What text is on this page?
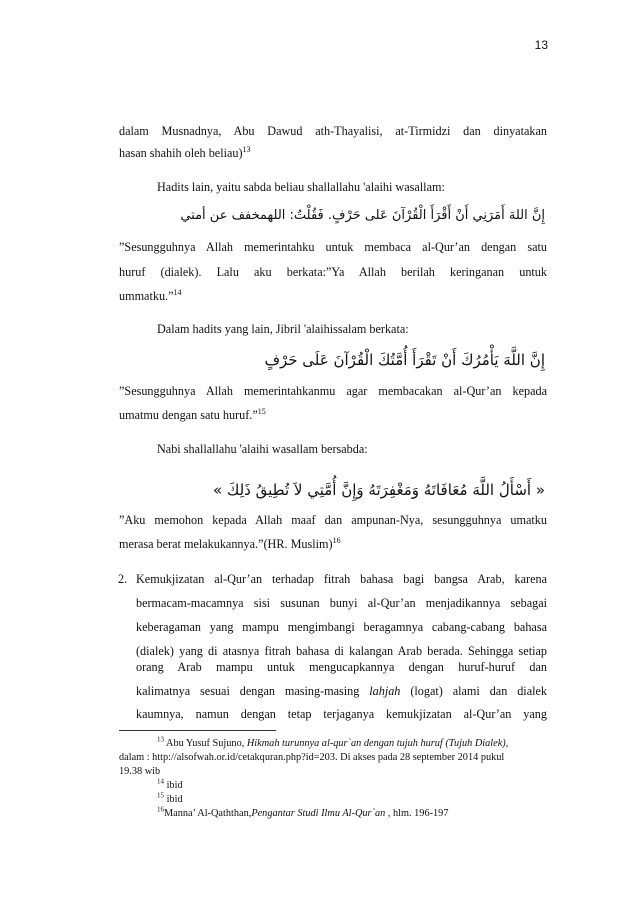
13
dalam Musnadnya, Abu Dawud ath-Thayalisi, at-Tirmidzi dan dinyatakan
hasan shahih oleh beliau)$^{13}$
Hadits lain, yaitu sabda beliau shallallahu 'alaihi wasallam:
إِنَّ اللهَ أَمَرَنِي أَنْ أَقْرَأَ الْقُرْآنَ عَلى حَرْفٍ. فَقُلْتُ: اللهمخفف عن أمتي
”Sesungguhnya Allah memerintahku untuk membaca al-Qur’an dengan satu
huruf (dialek). Lalu aku berkata:”Ya Allah berilah keringanan untuk
ummatku.”$^{14}$
Dalam hadits yang lain, Jibril 'alaihissalam berkata:
إِنَّ اللَّهَ يَأْمُرُكَ أَنْ تَقْرَأَ أُمَّتُكَ الْقُرْآنَ عَلَى حَرْفٍ
”Sesungguhnya Allah memerintahkanmu agar membacakan al-Qur’an kepada
umatmu dengan satu huruf.”$^{15}$
Nabi shallallahu 'alaihi wasallam bersabda:
« أَسْأَلُ اللَّهَ مُعَافَاتَهُ وَمَغْفِرَتَهُ وَإِنَّ أُمَّتِي لاَ تُطِيقُ ذَلِكَ »
”Aku memohon kepada Allah maaf dan ampunan-Nya, sesungguhnya umatku
merasa berat melakukannya.”(HR. Muslim)$^{16}$
2. Kemukjizatan al-Qur’an terhadap fitrah bahasa bagi bangsa Arab, karena
bermacam-macamnya sisi susunan bunyi al-Qur’an menjadikannya sebagai
keberagaman yang mampu mengimbangi beragamnya cabang-cabang bahasa
(dialek) yang di atasnya fitrah bahasa di kalangan Arab berada. Sehingga setiap
orang Arab mampu untuk mengucapkannya dengan huruf-huruf dan
kalimatnya sesuai dengan masing-masing lahjah (logat) alami dan dialek
kaumnya, namun dengan tetap terjaganya kemukjizatan al-Qur’an yang
$^{13}$ Abu Yusuf Sujuno, Hikmah turunnya al-qur`an dengan tujuh huruf (Tujuh Dialek),
dalam : http://alsofwah.or.id/cetakquran.php?id=203. Di akses pada 28 september 2014 pukul
19.38 wib
$^{14}$ ibid
$^{15}$ ibid
$^{16}$Manna’ Al-Qaththan,Pengantar Studi Ilmu Al-Qur`an , hlm. 196-197
